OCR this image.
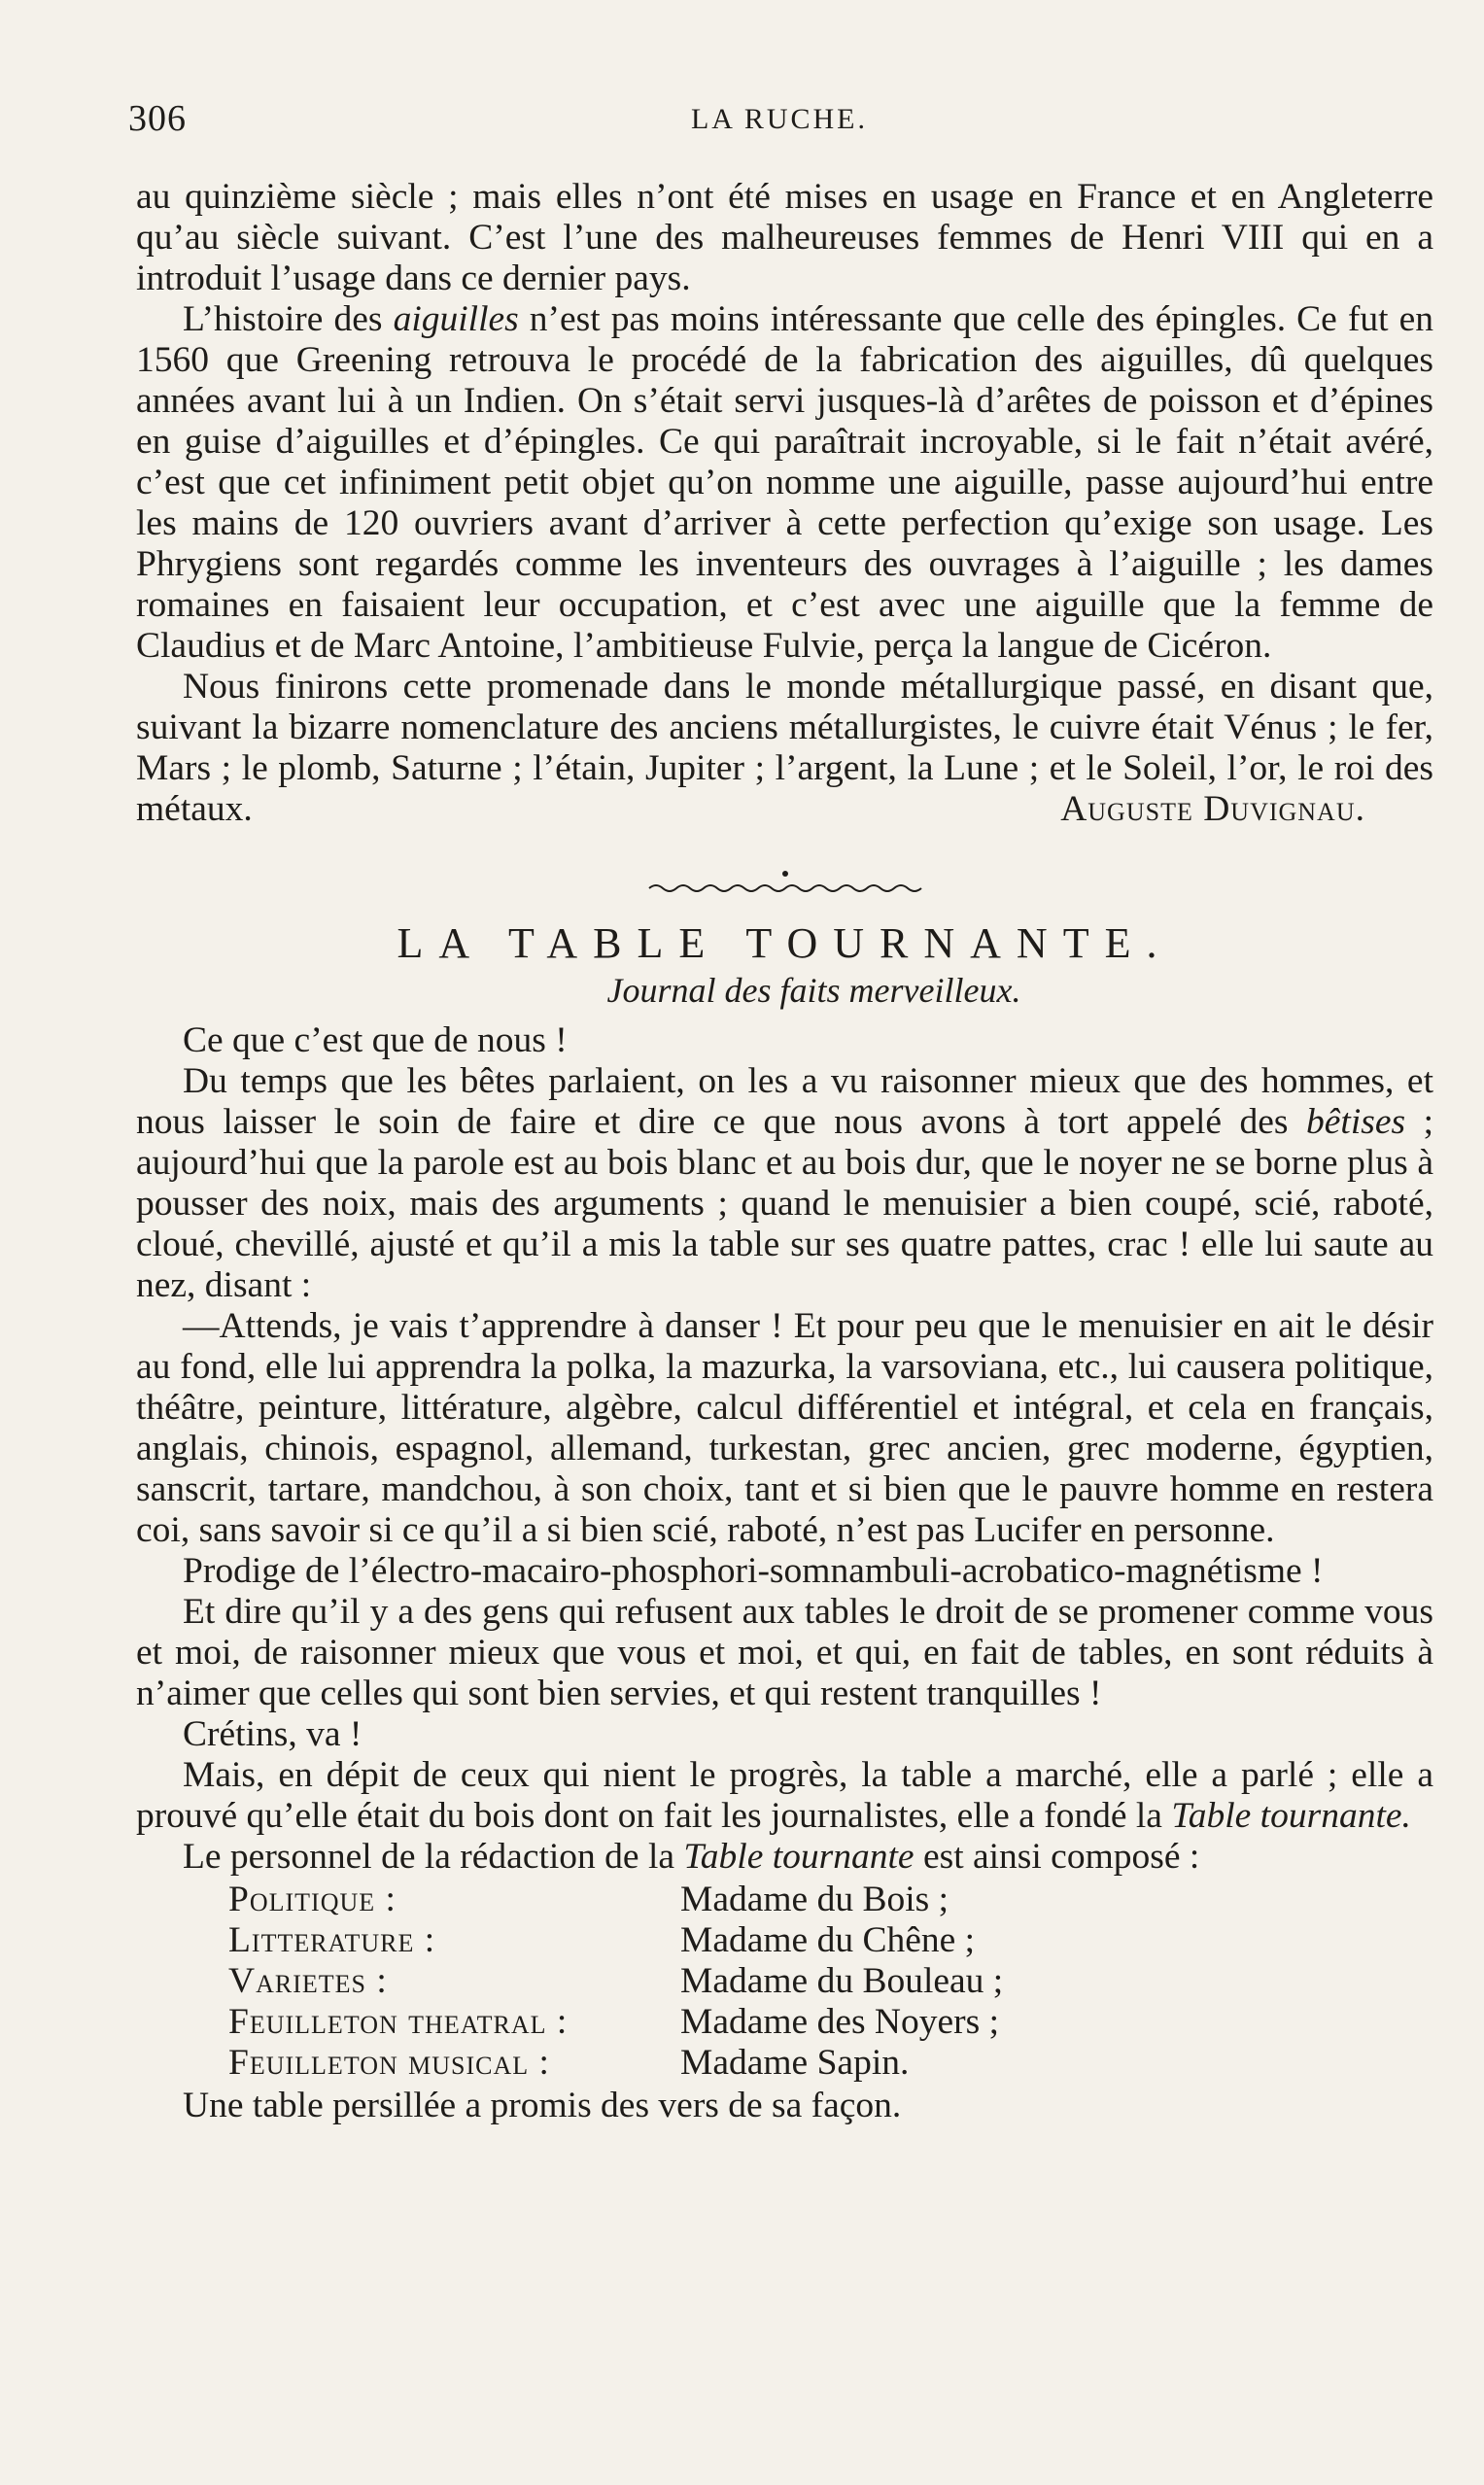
306	LA RUCHE.

au quinzième siècle ; mais elles n’ont été mises en usage en France et en Angleterre qu’au siècle suivant. C’est l’une des malheureuses femmes de Henri VIII qui en a introduit l’usage dans ce dernier pays.

L’histoire des aiguilles n’est pas moins intéressante que celle des épingles. Ce fut en 1560 que Greening retrouva le procédé de la fabrication des aiguilles, dû quelques années avant lui à un Indien. On s’était servi jusques-là d’arêtes de poisson et d’épines en guise d’aiguilles et d’épingles. Ce qui paraîtrait incroyable, si le fait n’était avéré, c’est que cet infiniment petit objet qu’on nomme une aiguille, passe aujourd’hui entre les mains de 120 ouvriers avant d’arriver à cette perfection qu’exige son usage. Les Phrygiens sont regardés comme les inventeurs des ouvrages à l’aiguille ; les dames romaines en faisaient leur occupation, et c’est avec une aiguille que la femme de Claudius et de Marc Antoine, l’ambitieuse Fulvie, perça la langue de Cicéron.

Nous finirons cette promenade dans le monde métallurgique passé, en disant que, suivant la bizarre nomenclature des anciens métallurgistes, le cuivre était Vénus ; le fer, Mars ; le plomb, Saturne ; l’étain, Jupiter ; l’argent, la Lune ; et le Soleil, l’or, le roi des métaux.	Auguste Duvignau.
LA TABLE TOURNANTE.
Journal des faits merveilleux.

Ce que c’est que de nous !

Du temps que les bêtes parlaient, on les a vu raisonner mieux que des hommes, et nous laisser le soin de faire et dire ce que nous avons à tort appelé des bêtises ; aujourd’hui que la parole est au bois blanc et au bois dur, que le noyer ne se borne plus à pousser des noix, mais des arguments ; quand le menuisier a bien coupé, scié, raboté, cloué, chevillé, ajusté et qu’il a mis la table sur ses quatre pattes, crac ! elle lui saute au nez, disant :

—Attends, je vais t’apprendre à danser ! Et pour peu que le menuisier en ait le désir au fond, elle lui apprendra la polka, la mazurka, la varsoviana, etc., lui causera politique, théâtre, peinture, littérature, algèbre, calcul différentiel et intégral, et cela en français, anglais, chinois, espagnol, allemand, turkestan, grec ancien, grec moderne, égyptien, sanscrit, tartare, mandchou, à son choix, tant et si bien que le pauvre homme en restera coi, sans savoir si ce qu’il a si bien scié, raboté, n’est pas Lucifer en personne.

Prodige de l’électro-macairo-phosphori-somnambuli-acrobatico-magnétisme !

Et dire qu’il y a des gens qui refusent aux tables le droit de se promener comme vous et moi, de raisonner mieux que vous et moi, et qui, en fait de tables, en sont réduits à n’aimer que celles qui sont bien servies, et qui restent tranquilles !

Crétins, va !

Mais, en dépit de ceux qui nient le progrès, la table a marché, elle a parlé ; elle a prouvé qu’elle était du bois dont on fait les journalistes, elle a fondé la Table tournante.

Le personnel de la rédaction de la Table tournante est ainsi composé :

Politique :	Madame du Bois ;
Litterature :	Madame du Chêne ;
Varietes :	Madame du Bouleau ;
Feuilleton theatral :	Madame des Noyers ;
Feuilleton musical :	Madame Sapin.

Une table persillée a promis des vers de sa façon.
